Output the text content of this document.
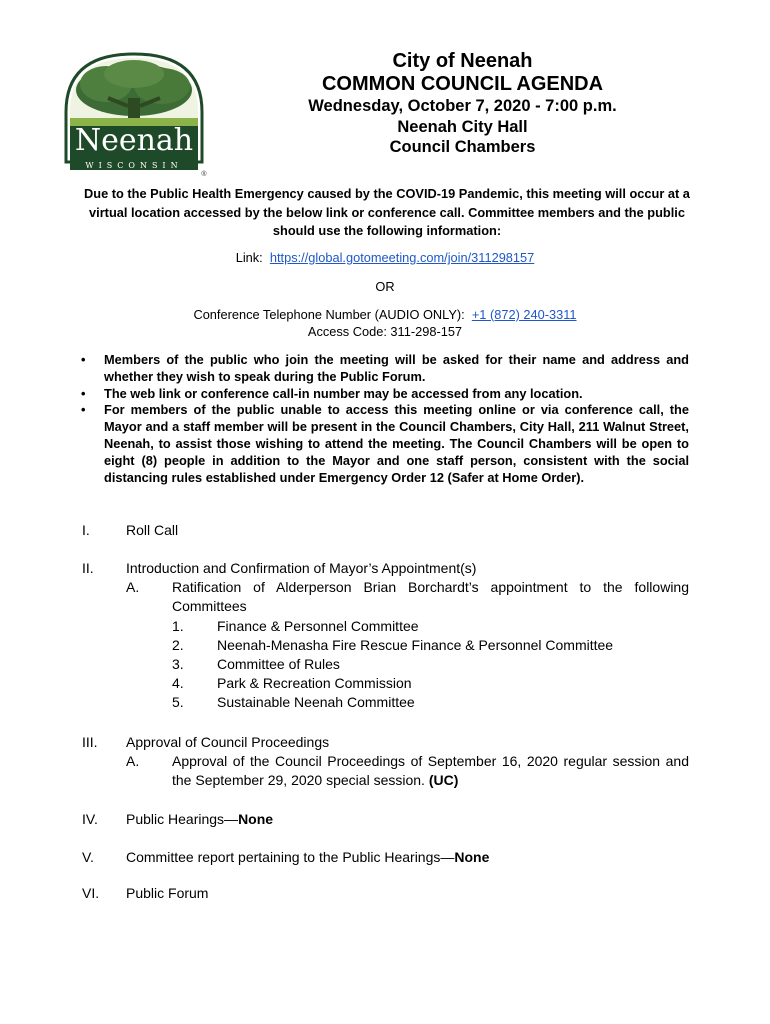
Neenah
WISCONSIN
®
City of Neenah
COMMON COUNCIL AGENDA
Wednesday, October 7, 2020 - 7:00 p.m.
Neenah City Hall
Council Chambers
Due to the Public Health Emergency caused by the COVID-19 Pandemic, this meeting will occur at a virtual location accessed by the below link or conference call. Committee members and the public should use the following information:
Link: https://global.gotomeeting.com/join/311298157
OR
Conference Telephone Number (AUDIO ONLY): +1 (872) 240-3311
Access Code: 311-298-157
• Members of the public who join the meeting will be asked for their name and address and whether they wish to speak during the Public Forum.
• The web link or conference call-in number may be accessed from any location.
• For members of the public unable to access this meeting online or via conference call, the Mayor and a staff member will be present in the Council Chambers, City Hall, 211 Walnut Street, Neenah, to assist those wishing to attend the meeting. The Council Chambers will be open to eight (8) people in addition to the Mayor and one staff person, consistent with the social distancing rules established under Emergency Order 12 (Safer at Home Order).
I.	Roll Call
II. Introduction and Confirmation of Mayor’s Appointment(s)
A. Ratification of Alderperson Brian Borchardt’s appointment to the following Committees
1. Finance & Personnel Committee
2. Neenah-Menasha Fire Rescue Finance & Personnel Committee
3. Committee of Rules
4. Park & Recreation Commission
5. Sustainable Neenah Committee
III. Approval of Council Proceedings
A. Approval of the Council Proceedings of September 16, 2020 regular session and the September 29, 2020 special session. (UC)
IV. Public Hearings—None
V. Committee report pertaining to the Public Hearings—None
VI. Public Forum
